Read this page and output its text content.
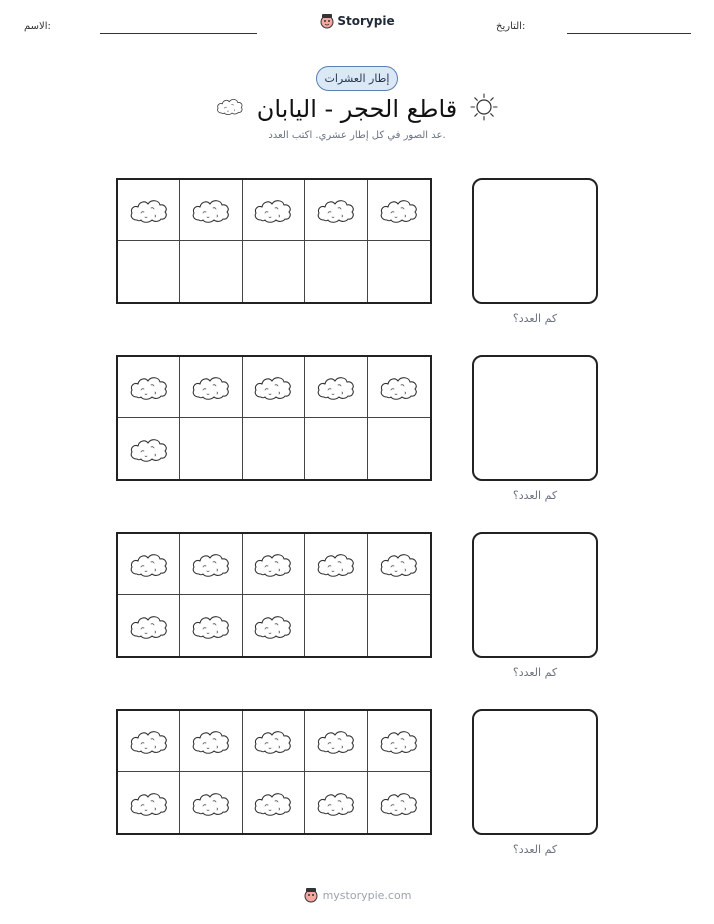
الاسم:	Storypie	التاريخ:
إطار العشرات
قاطع الحجر - اليابان
عد الصور في كل إطار عشري. اكتب العدد.
كم العدد؟
كم العدد؟
كم العدد؟
كم العدد؟
mystorypie.com
